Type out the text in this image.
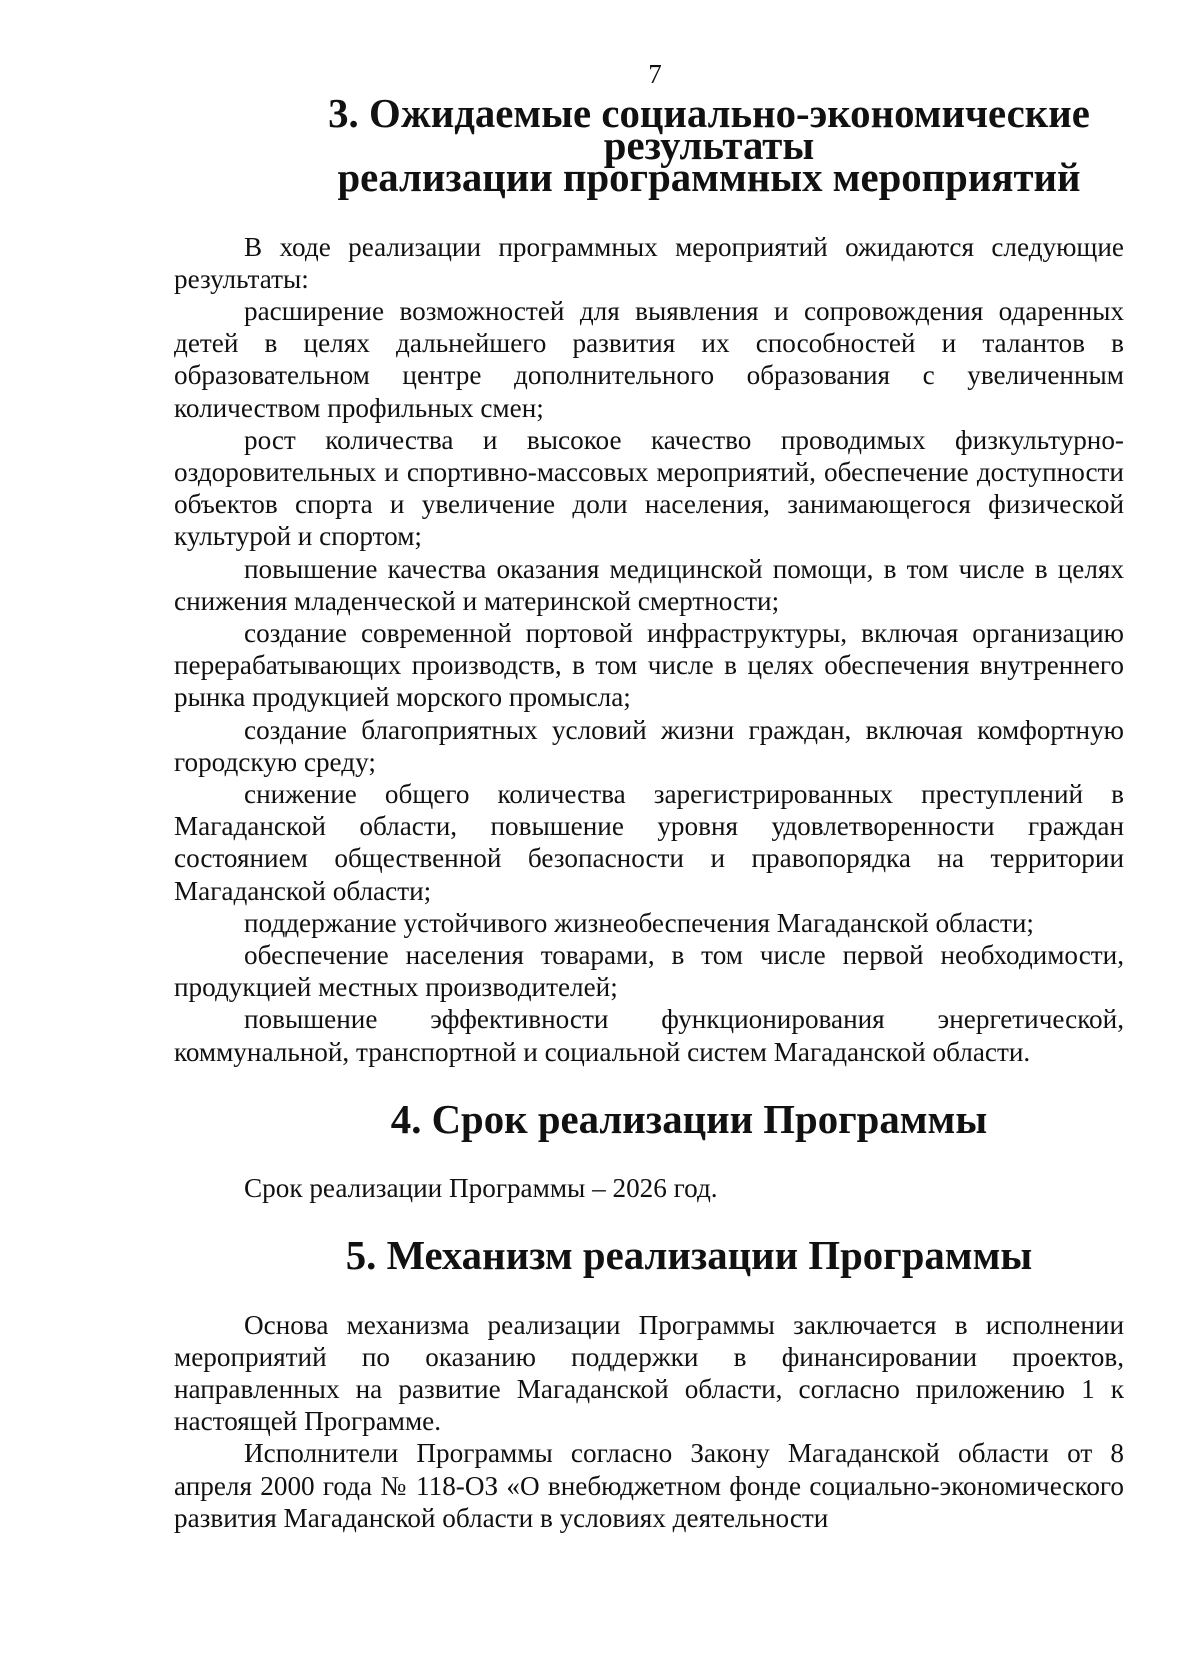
7
3. Ожидаемые социально-экономические результаты
реализации программных мероприятий

В ходе реализации программных мероприятий ожидаются следующие результаты:

расширение возможностей для выявления и сопровождения одаренных детей в целях дальнейшего развития их способностей и талантов в образовательном центре дополнительного образования с увеличенным количеством профильных смен;

рост количества и высокое качество проводимых физкультурно-оздоровительных и спортивно-массовых мероприятий, обеспечение доступности объектов спорта и увеличение доли населения, занимающегося физической культурой и спортом;

повышение качества оказания медицинской помощи, в том числе в целях снижения младенческой и материнской смертности;

создание современной портовой инфраструктуры, включая организацию перерабатывающих производств, в том числе в целях обеспечения внутреннего рынка продукцией морского промысла;

создание благоприятных условий жизни граждан, включая комфортную городскую среду;

снижение общего количества зарегистрированных преступлений в Магаданской области, повышение уровня удовлетворенности граждан состоянием общественной безопасности и правопорядка на территории Магаданской области;

поддержание устойчивого жизнеобеспечения Магаданской области;

обеспечение населения товарами, в том числе первой необходимости, продукцией местных производителей;

повышение эффективности функционирования энергетической, коммунальной, транспортной и социальной систем Магаданской области.

4. Срок реализации Программы

Срок реализации Программы – 2026 год.

5. Механизм реализации Программы

Основа механизма реализации Программы заключается в исполнении мероприятий по оказанию поддержки в финансировании проектов, направленных на развитие Магаданской области, согласно приложению 1 к настоящей Программе.

Исполнители Программы согласно Закону Магаданской области от 8 апреля 2000 года № 118-ОЗ «О внебюджетном фонде социально-экономического развития Магаданской области в условиях деятельности
